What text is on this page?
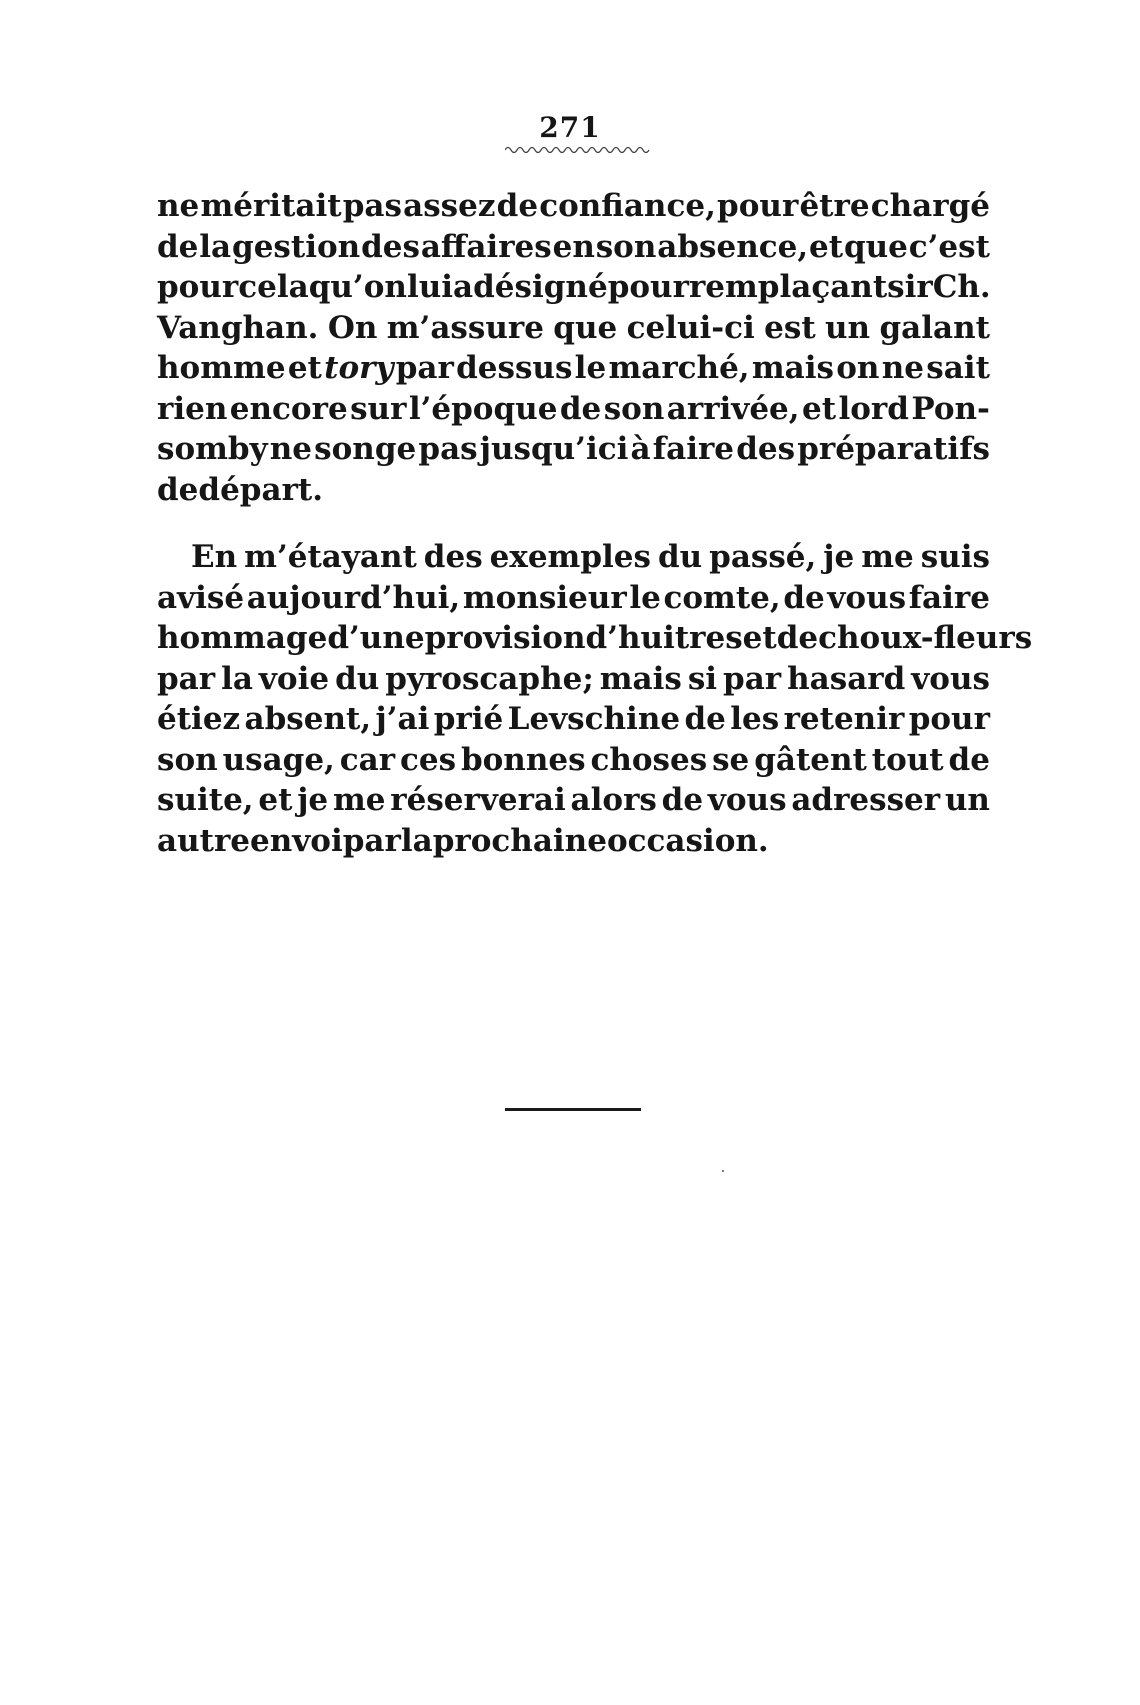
271
ne méritait pas assez de confiance, pour être chargé
de la gestion des affaires en son absence, et que c’est
pour cela qu’on lui a désigné pour remplaçant sir Ch.
Vanghan. On m’assure que celui-ci est un galant
homme et tory par dessus le marché, mais on ne sait
rien encore sur l’époque de son arrivée, et lord Pon-
somby ne songe pas jusqu’ici à faire des préparatifs
de départ.
En m’étayant des exemples du passé, je me suis
avisé aujourd’hui, monsieur le comte, de vous faire
hommage d’une provision d’huitres et de choux-fleurs
par la voie du pyroscaphe; mais si par hasard vous
étiez absent, j’ai prié Levschine de les retenir pour
son usage, car ces bonnes choses se gâtent tout de
suite, et je me réserverai alors de vous adresser un
autre envoi par la prochaine occasion.
